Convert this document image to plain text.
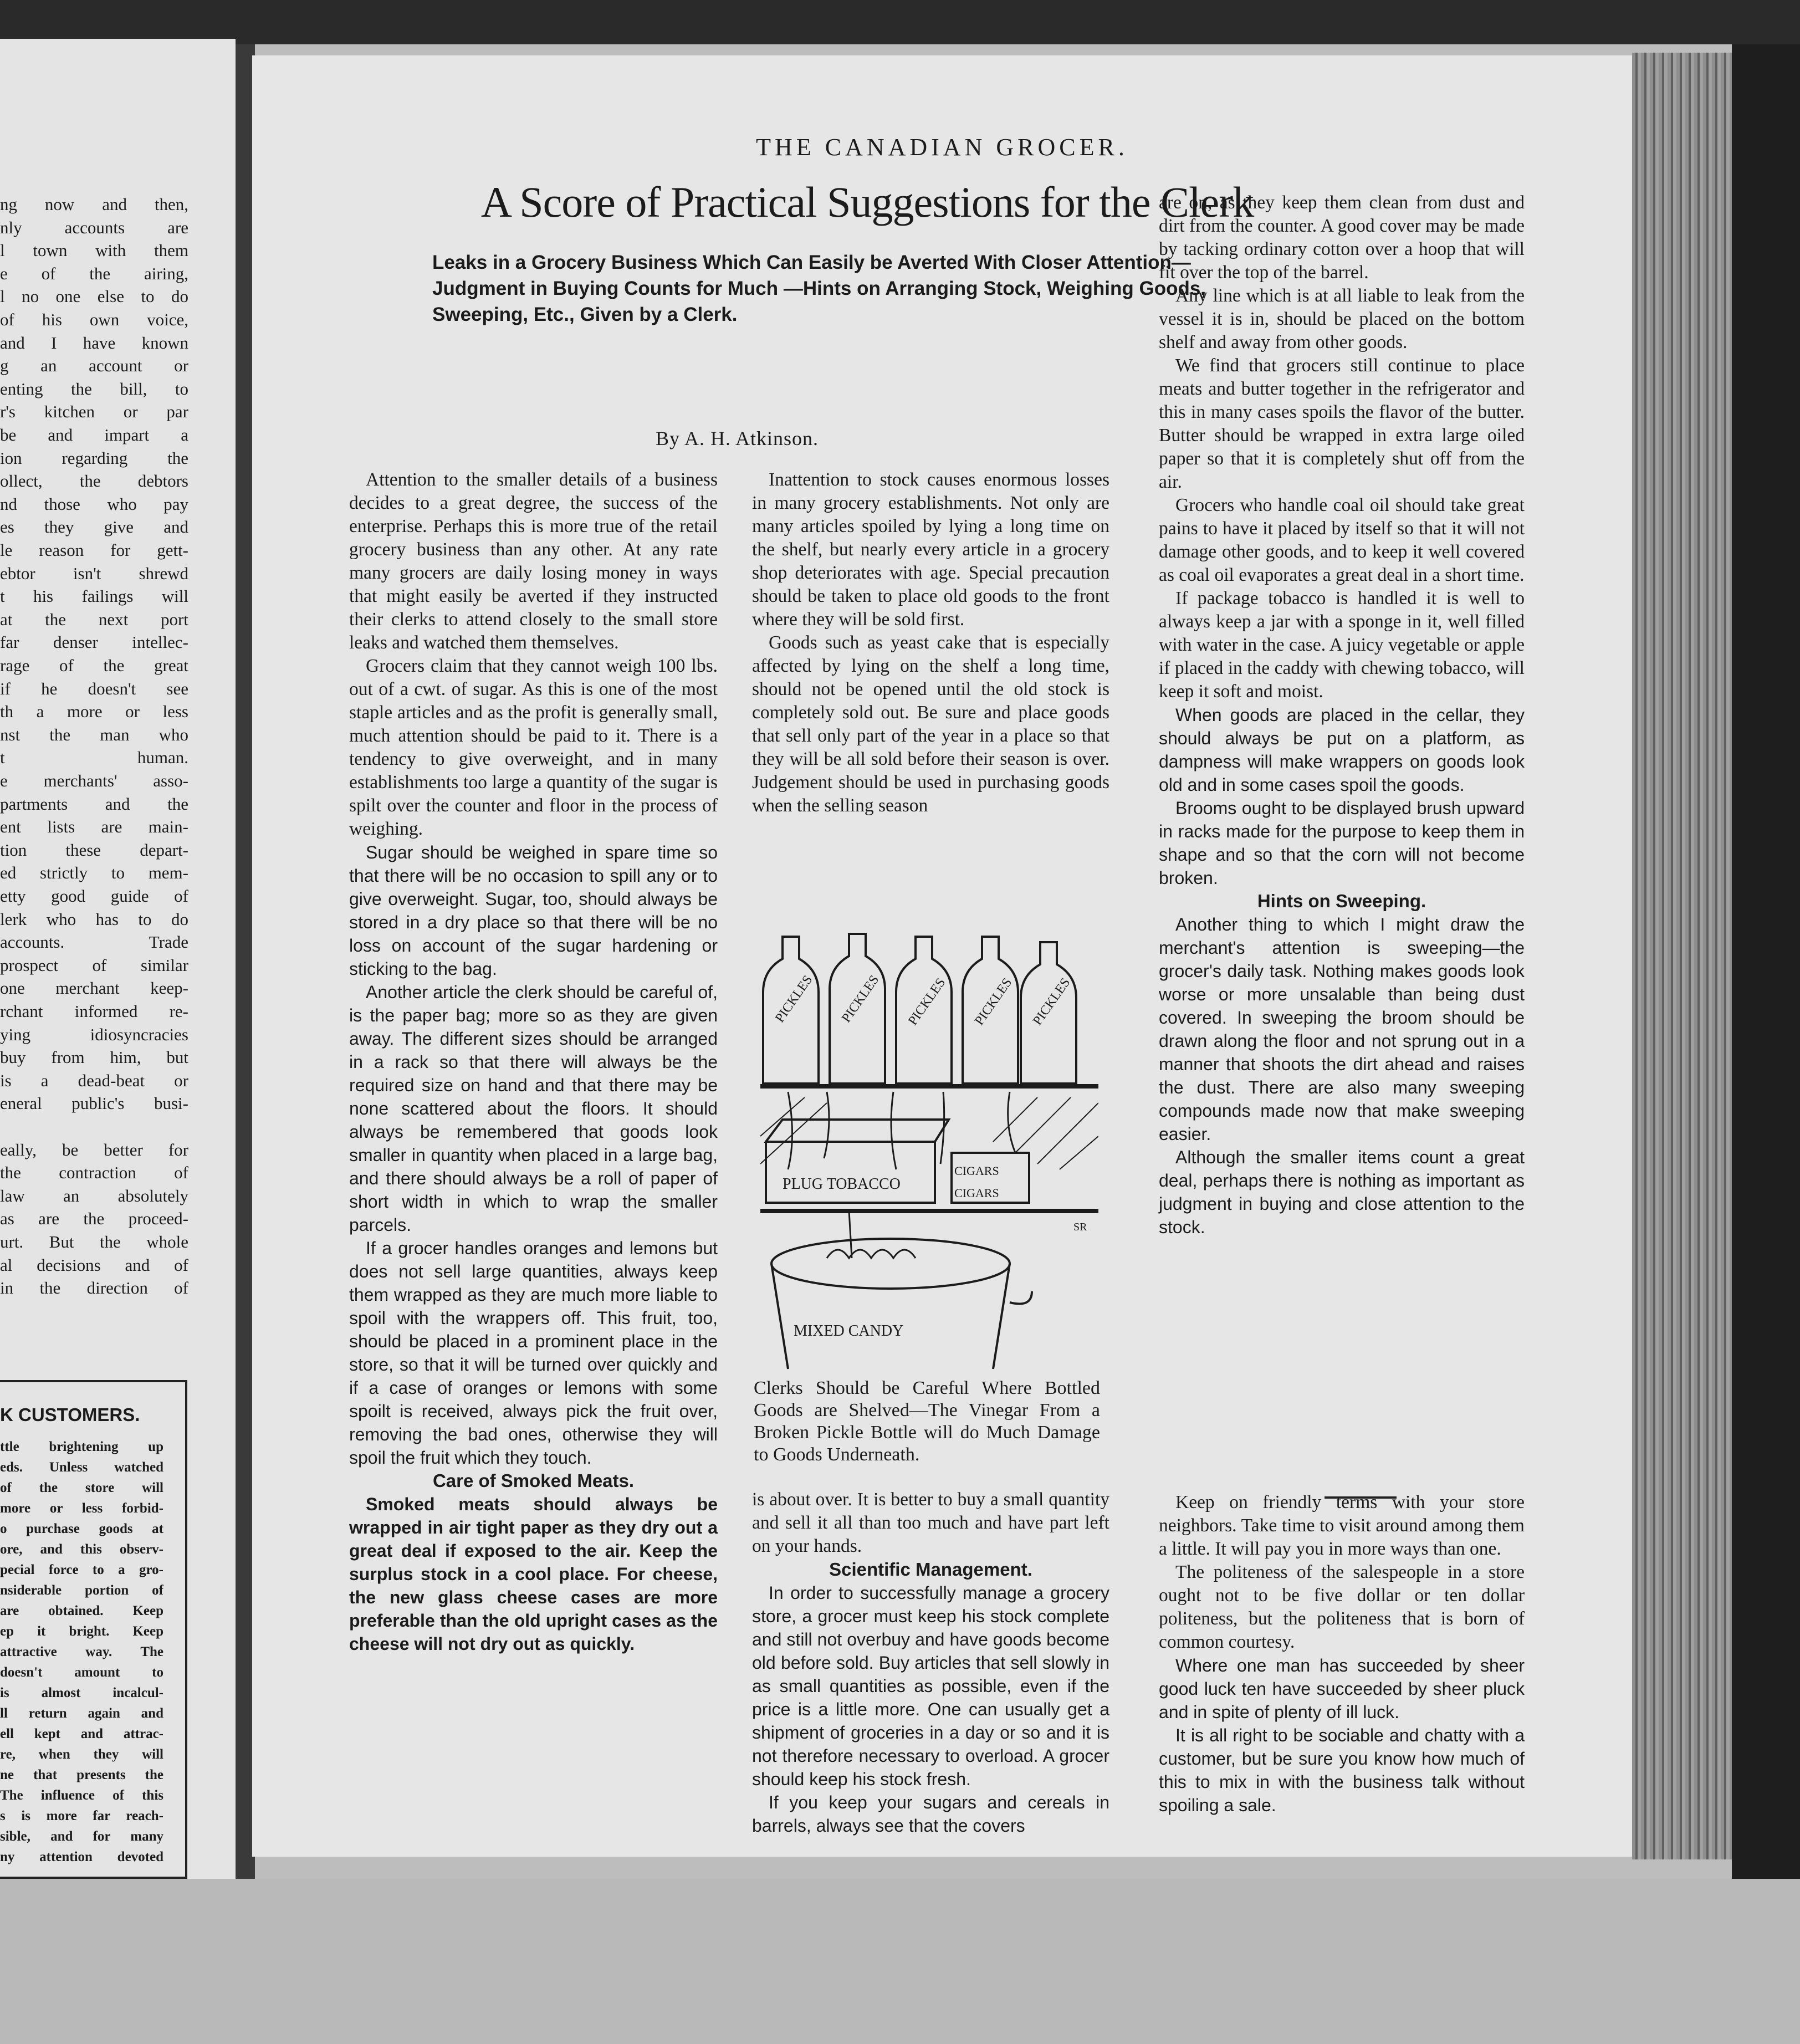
ng now and then,
nly accounts are
l town with them
e of the airing,
l no one else to do
of his own voice,
and I have known
g an account or
enting the bill, to
r's kitchen or par
be and impart a
ion regarding the
ollect, the debtors
nd those who pay
es they give and
le reason for gett-
ebtor isn't shrewd
t his failings will
at the next port
far denser intellec-
rage of the great
if he doesn't see
th a more or less
nst the man who
t human.
e merchants' asso-
partments and the
ent lists are main-
tion these depart-
ed strictly to mem-
etty good guide of
lerk who has to do
accounts. Trade
prospect of similar
one merchant keep-
rchant informed re-
ying idiosyncracies
buy from him, but
is a dead-beat or
eneral public's busi-
eally, be better for
the contraction of
law an absolutely
as are the proceed-
urt. But the whole
al decisions and of
in the direction of
K CUSTOMERS.
ttle brightening up
eds. Unless watched
of the store will
more or less forbid-
o purchase goods at
ore, and this observ-
pecial force to a gro-
nsiderable portion of
are obtained. Keep
ep it bright. Keep
attractive way. The
doesn't amount to
is almost incalcul-
ll return again and
ell kept and attrac-
re, when they will
ne that presents the
The influence of this
s is more far reach-
sible, and for many
ny attention devoted
THE CANADIAN GROCER.
A Score of Practical Suggestions for the Clerk
Leaks in a Grocery Business Which Can Easily be Averted With Closer Attention—Judgment in Buying Counts for Much —Hints on Arranging Stock, Weighing Goods, Sweeping, Etc., Given by a Clerk.
By A. H. Atkinson.

Attention to the smaller details of a business decides to a great degree, the success of the enterprise. Perhaps this is more true of the retail grocery business than any other. At any rate many grocers are daily losing money in ways that might easily be averted if they instructed their clerks to attend closely to the small store leaks and watched them themselves.

Grocers claim that they cannot weigh 100 lbs. out of a cwt. of sugar. As this is one of the most staple articles and as the profit is generally small, much attention should be paid to it. There is a tendency to give overweight, and in many establishments too large a quantity of the sugar is spilt over the counter and floor in the process of weighing.

Sugar should be weighed in spare time so that there will be no occasion to spill any or to give overweight. Sugar, too, should always be stored in a dry place so that there will be no loss on account of the sugar hardening or sticking to the bag.

Another article the clerk should be careful of, is the paper bag; more so as they are given away. The different sizes should be arranged in a rack so that there will always be the required size on hand and that there may be none scattered about the floors. It should always be remembered that goods look smaller in quantity when placed in a large bag, and there should always be a roll of paper of short width in which to wrap the smaller parcels.

If a grocer handles oranges and lemons but does not sell large quantities, always keep them wrapped as they are much more liable to spoil with the wrappers off. This fruit, too, should be placed in a prominent place in the store, so that it will be turned over quickly and if a case of oranges or lemons with some spoilt is received, always pick the fruit over, removing the bad ones, otherwise they will spoil the fruit which they touch.

Care of Smoked Meats.

Smoked meats should always be wrapped in air tight paper as they dry out a great deal if exposed to the air. Keep the surplus stock in a cool place. For cheese, the new glass cheese cases are more preferable than the old upright cases as the cheese will not dry out as quickly.

Inattention to stock causes enormous losses in many grocery establishments. Not only are many articles spoiled by lying a long time on the shelf, but nearly every article in a grocery shop deteriorates with age. Special precaution should be taken to place old goods to the front where they will be sold first.

Goods such as yeast cake that is especially affected by lying on the shelf a long time, should not be opened until the old stock is completely sold out. Be sure and place goods that sell only part of the year in a place so that they will be all sold before their season is over. Judgement should be used in purchasing goods when the selling season

PICKLES PICKLES PICKLES PICKLES PICKLES
PLUG TOBACCO
CIGARS
CIGARS
SR
MIXED CANDY
Clerks Should be Careful Where Bottled Goods are Shelved—The Vinegar From a Broken Pickle Bottle will do Much Damage to Goods Underneath.

is about over. It is better to buy a small quantity and sell it all than too much and have part left on your hands.

Scientific Management.

In order to successfully manage a grocery store, a grocer must keep his stock complete and still not overbuy and have goods become old before sold. Buy articles that sell slowly in as small quantities as possible, even if the price is a little more. One can usually get a shipment of groceries in a day or so and it is not therefore necessary to overload. A grocer should keep his stock fresh.

If you keep your sugars and cereals in barrels, always see that the covers

are on, as they keep them clean from dust and dirt from the counter. A good cover may be made by tacking ordinary cotton over a hoop that will fit over the top of the barrel.

Any line which is at all liable to leak from the vessel it is in, should be placed on the bottom shelf and away from other goods.

We find that grocers still continue to place meats and butter together in the refrigerator and this in many cases spoils the flavor of the butter. Butter should be wrapped in extra large oiled paper so that it is completely shut off from the air.

Grocers who handle coal oil should take great pains to have it placed by itself so that it will not damage other goods, and to keep it well covered as coal oil evaporates a great deal in a short time.

If package tobacco is handled it is well to always keep a jar with a sponge in it, well filled with water in the case. A juicy vegetable or apple if placed in the caddy with chewing tobacco, will keep it soft and moist.

When goods are placed in the cellar, they should always be put on a platform, as dampness will make wrappers on goods look old and in some cases spoil the goods.

Brooms ought to be displayed brush upward in racks made for the purpose to keep them in shape and so that the corn will not become broken.

Hints on Sweeping.

Another thing to which I might draw the merchant's attention is sweeping—the grocer's daily task. Nothing makes goods look worse or more unsalable than being dust covered. In sweeping the broom should be drawn along the floor and not sprung out in a manner that shoots the dirt ahead and raises the dust. There are also many sweeping compounds made now that make sweeping easier.

Although the smaller items count a great deal, perhaps there is nothing as important as judgment in buying and close attention to the stock.

Keep on friendly terms with your store neighbors. Take time to visit around among them a little. It will pay you in more ways than one.

The politeness of the salespeople in a store ought not to be five dollar or ten dollar politeness, but the politeness that is born of common courtesy.

Where one man has succeeded by sheer good luck ten have succeeded by sheer pluck and in spite of plenty of ill luck.

It is all right to be sociable and chatty with a customer, but be sure you know how much of this to mix in with the business talk without spoiling a sale.
